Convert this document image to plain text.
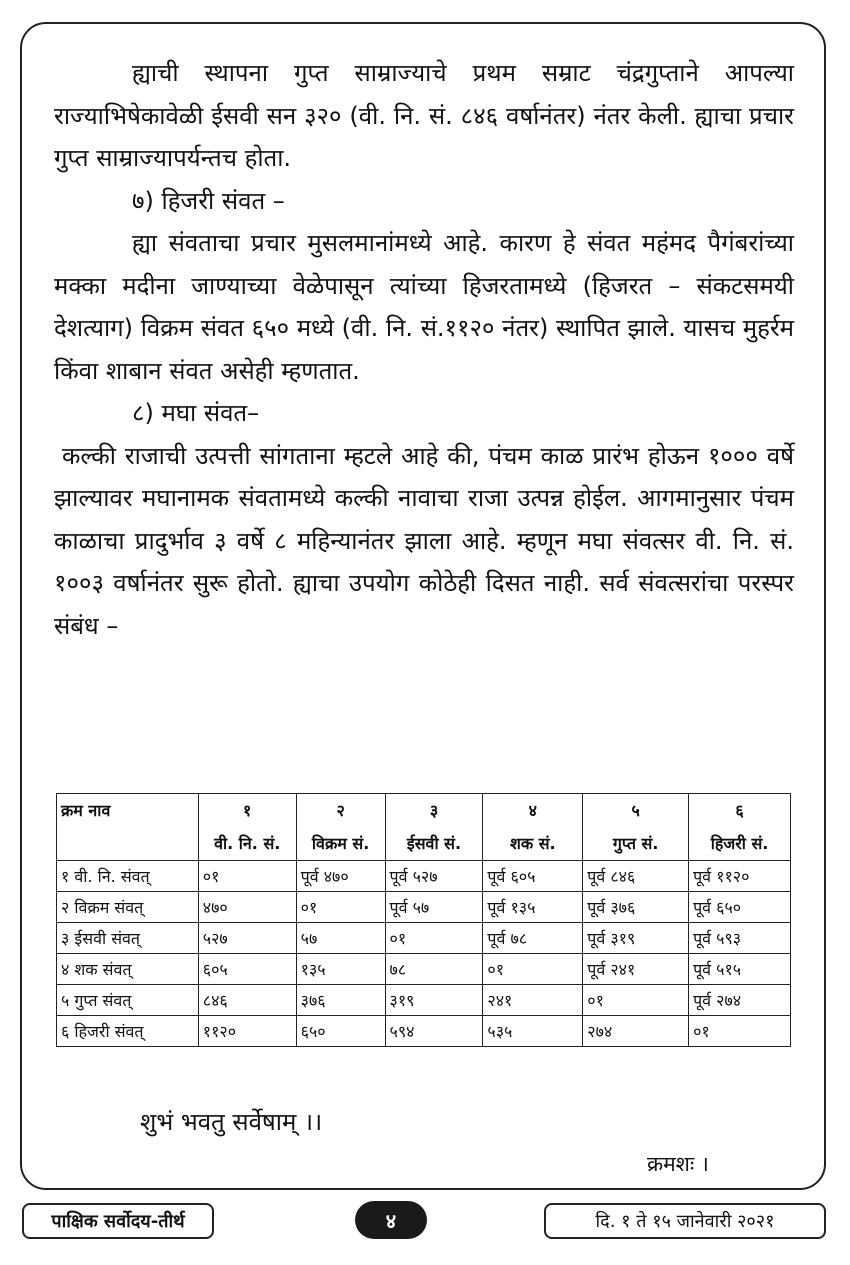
ह्याची स्थापना गुप्त साम्राज्याचे प्रथम सम्राट चंद्रगुप्ताने आपल्या राज्याभिषेकावेळी ईसवी सन ३२० (वी. नि. सं. ८४६ वर्षानंतर) नंतर केली. ह्याचा प्रचार गुप्त साम्राज्यापर्यन्तच होता.

७) हिजरी संवत –

ह्या संवताचा प्रचार मुसलमानांमध्ये आहे. कारण हे संवत महंमद पैगंबरांच्या मक्का मदीना जाण्याच्या वेळेपासून त्यांच्या हिजरतामध्ये (हिजरत – संकटसमयी देशत्याग) विक्रम संवत ६५० मध्ये (वी. नि. सं.११२० नंतर) स्थापित झाले. यासच मुहर्रम किंवा शाबान संवत असेही म्हणतात.

८) मघा संवत–

कल्की राजाची उत्पत्ती सांगताना म्हटले आहे की, पंचम काळ प्रारंभ होऊन १००० वर्षे झाल्यावर मघानामक संवतामध्ये कल्की नावाचा राजा उत्पन्न होईल. आगमानुसार पंचम काळाचा प्रादुर्भाव ३ वर्षे ८ महिन्यानंतर झाला आहे. म्हणून मघा संवत्सर वी. नि. सं. १००३ वर्षानंतर सुरू होतो. ह्याचा उपयोग कोठेही दिसत नाही. सर्व संवत्सरांचा परस्पर संबंध –

क्रम नाव	१	२	३	४	५	६
	वी. नि. सं.	विक्रम सं.	ईसवी सं.	शक सं.	गुप्त सं.	हिजरी सं.
१ वी. नि. संवत्	०१	पूर्व ४७०	पूर्व ५२७	पूर्व ६०५	पूर्व ८४६	पूर्व ११२०
२ विक्रम संवत्	४७०	०१	पूर्व ५७	पूर्व १३५	पूर्व ३७६	पूर्व ६५०
३ ईसवी संवत्	५२७	५७	०१	पूर्व ७८	पूर्व ३१९	पूर्व ५९३
४ शक संवत्	६०५	१३५	७८	०१	पूर्व २४१	पूर्व ५१५
५ गुप्त संवत्	८४६	३७६	३१९	२४१	०१	पूर्व २७४
६ हिजरी संवत्	११२०	६५०	५९४	५३५	२७४	०१
शुभं भवतु सर्वेषाम् ।।
क्रमशः ।
पाक्षिक सर्वोदय-तीर्थ	४	दि. १ ते १५ जानेवारी २०२१
